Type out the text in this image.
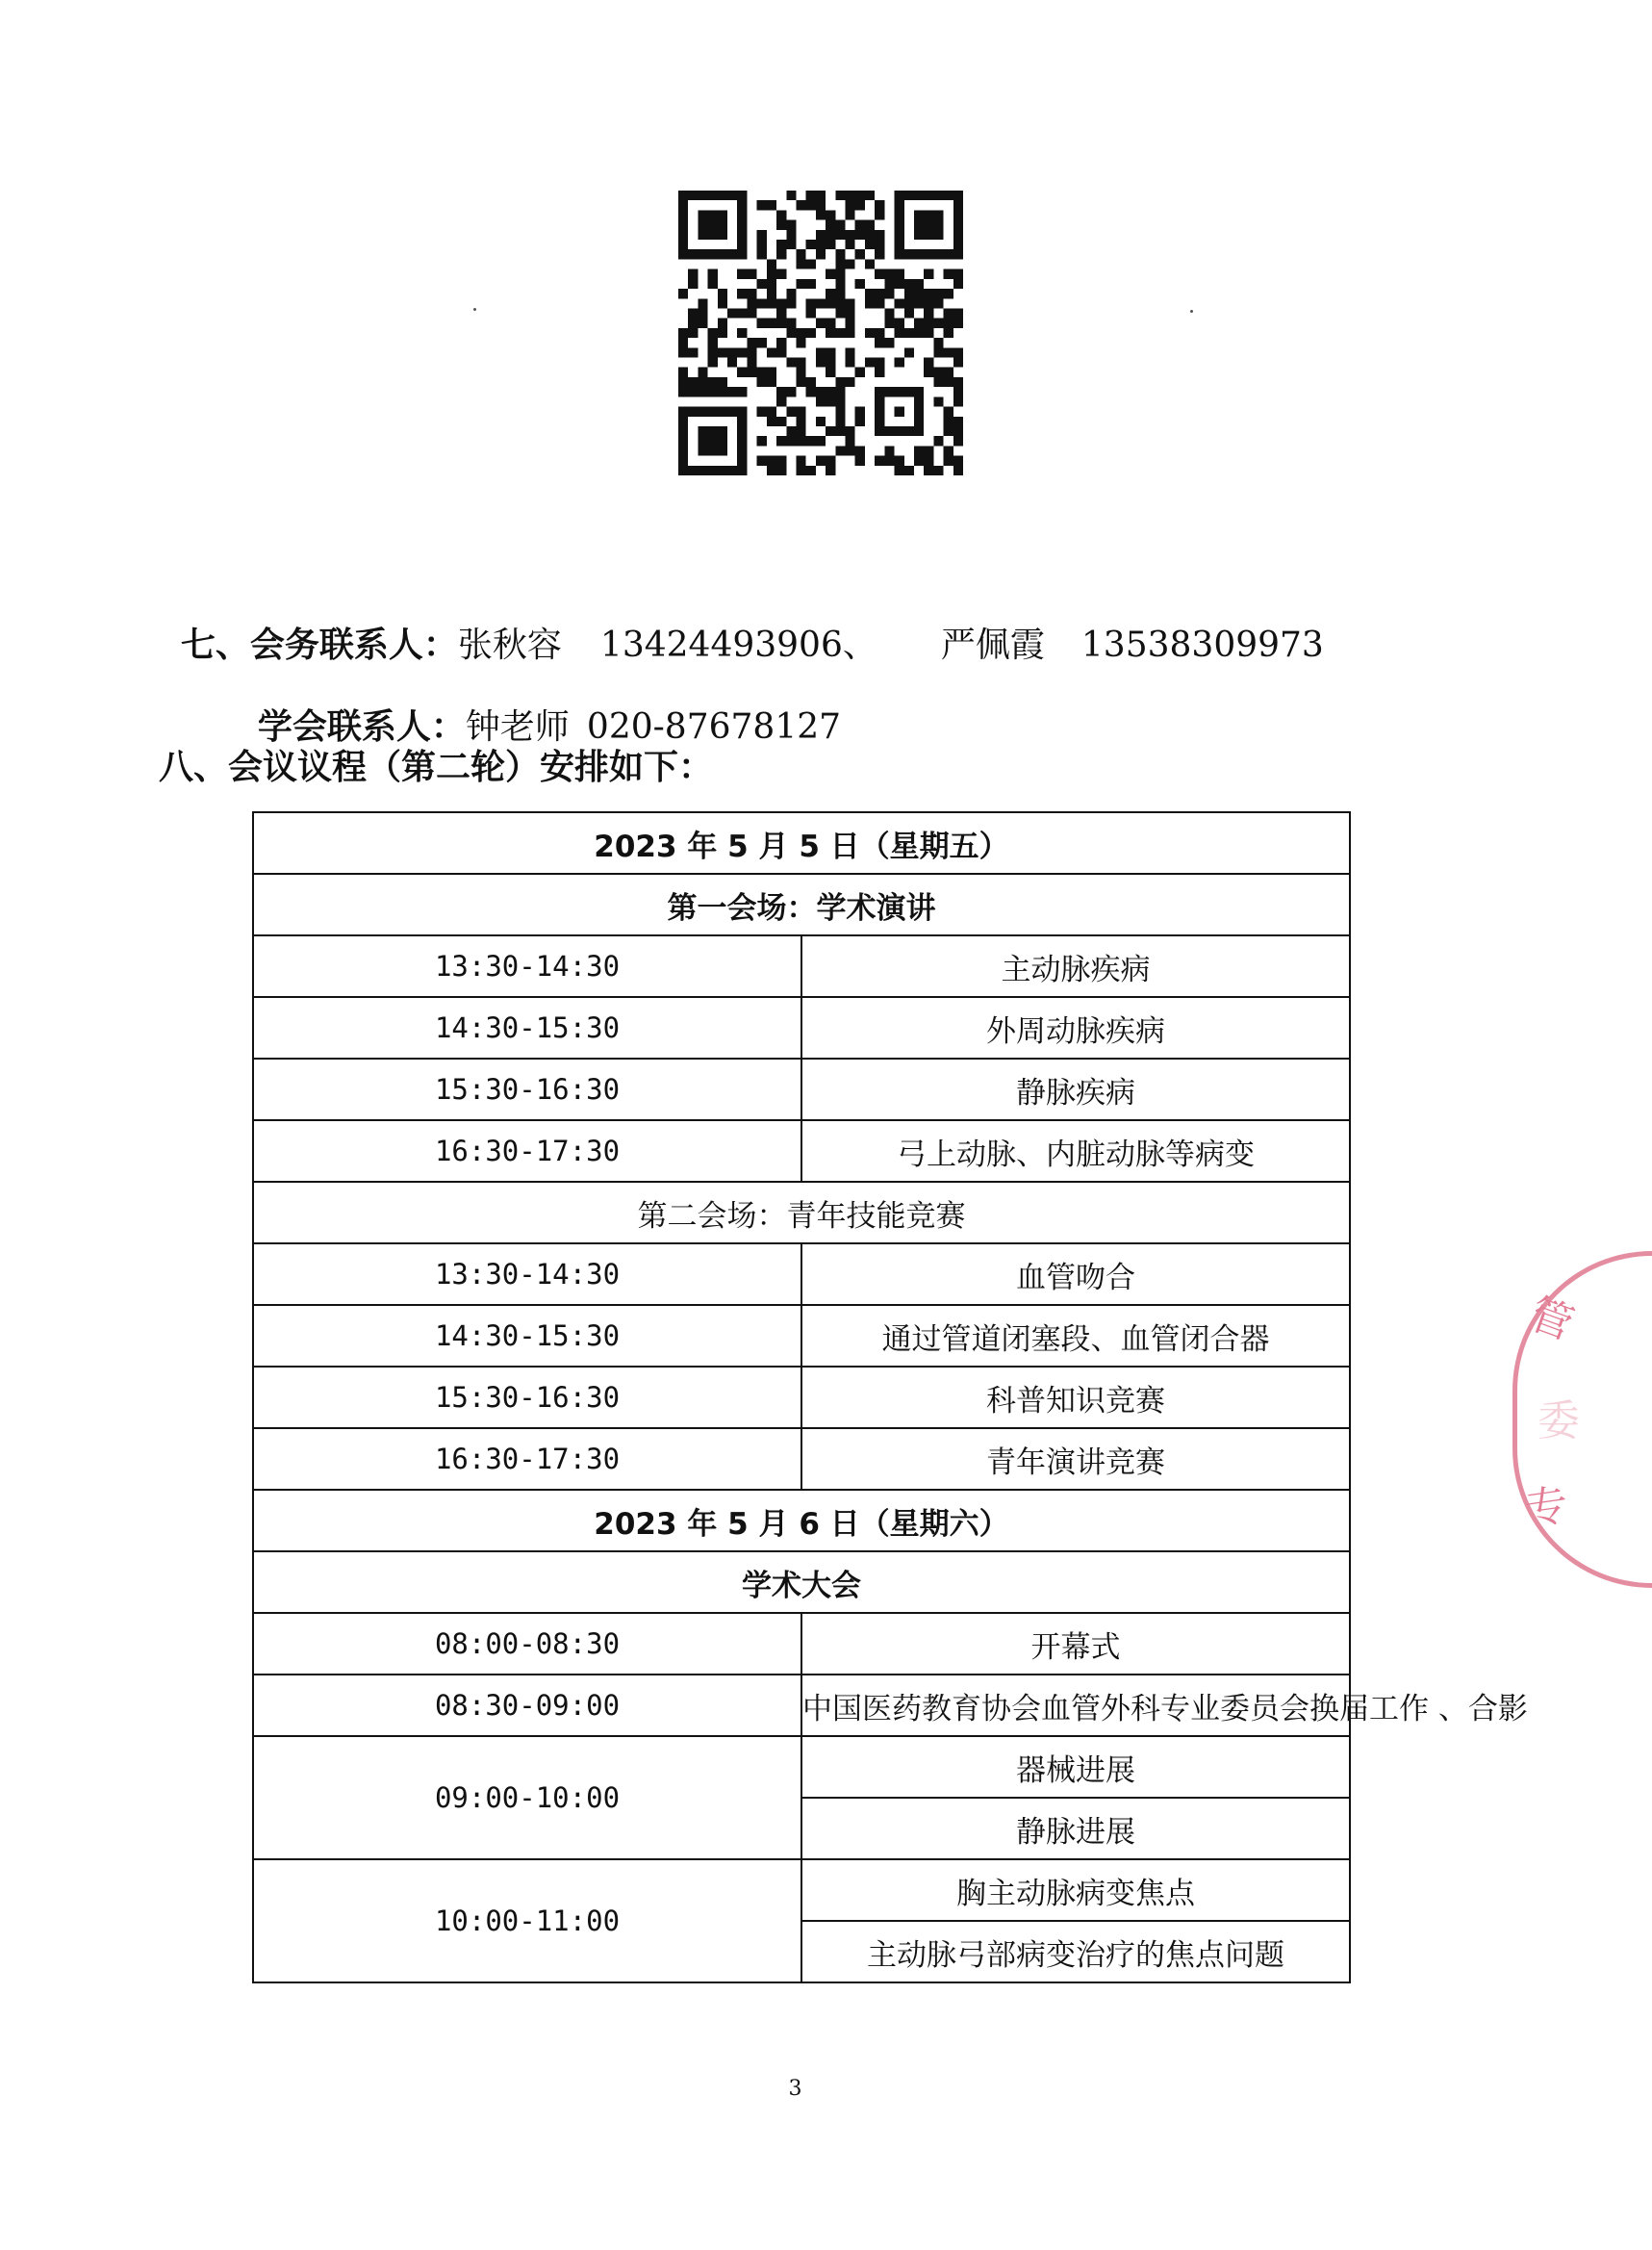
七、会务联系人：张秋容 13424493906、 严佩霞 13538309973

学会联系人：钟老师 020-87678127

八、会议议程（第二轮）安排如下：
2023 年 5 月 5 日（星期五）	
第一会场：学术演讲	
13:30-14:30	主动脉疾病
14:30-15:30	外周动脉疾病
15:30-16:30	静脉疾病
16:30-17:30	弓上动脉、内脏动脉等病变
第二会场：青年技能竞赛	
13:30-14:30	血管吻合
14:30-15:30	通过管道闭塞段、血管闭合器
15:30-16:30	科普知识竞赛
16:30-17:30	青年演讲竞赛
2023 年 5 月 6 日（星期六）	
学术大会	
08:00-08:30	开幕式
08:30-09:00	中国医药教育协会血管外科专业委员会换届工作 、合影
09:00-10:00	器械进展
	静脉进展
10:00-11:00	胸主动脉病变焦点
	主动脉弓部病变治疗的焦点问题
管
委
专
3
